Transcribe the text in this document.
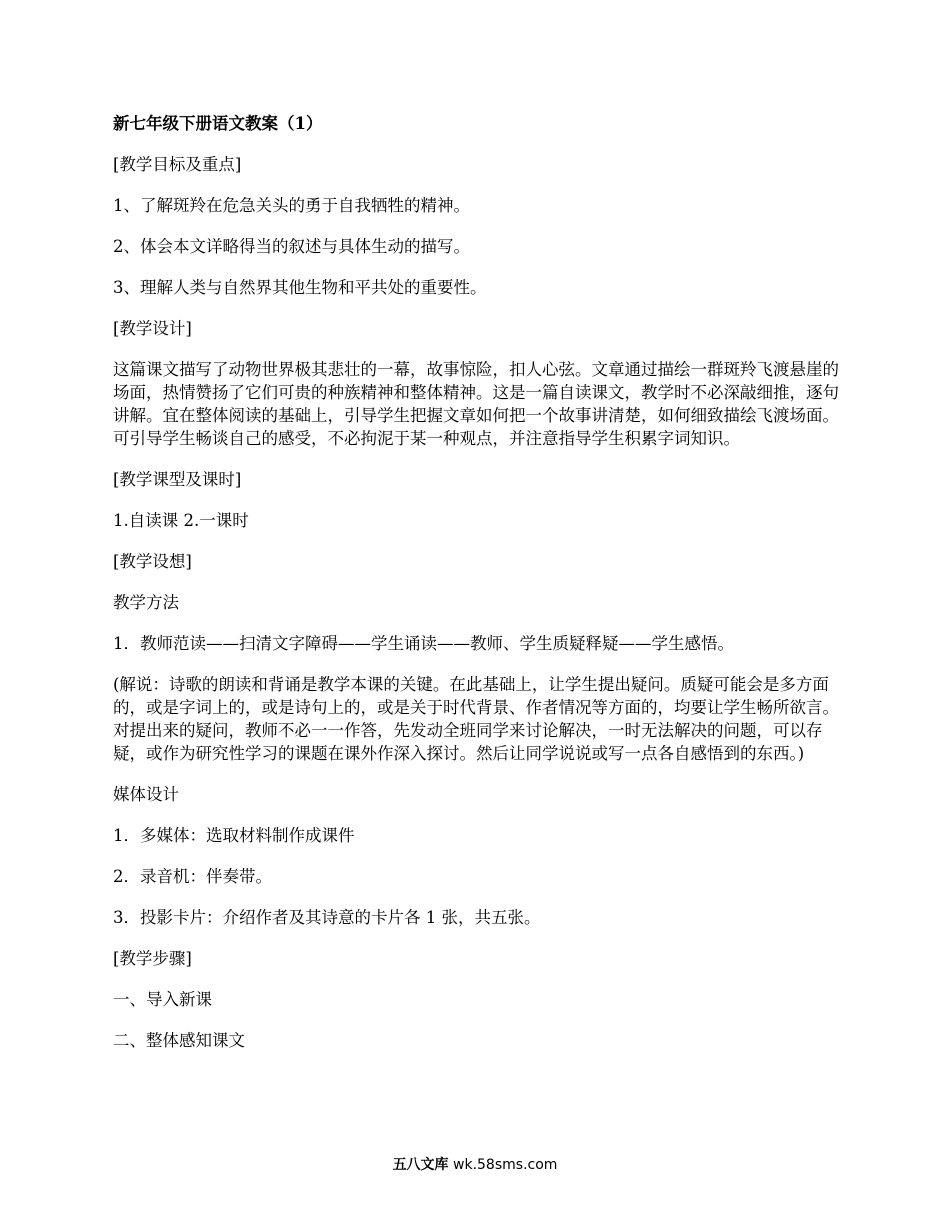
新七年级下册语文教案（1）

[教学目标及重点]

1、了解斑羚在危急关头的勇于自我牺牲的精神。

2、体会本文详略得当的叙述与具体生动的描写。

3、理解人类与自然界其他生物和平共处的重要性。

[教学设计]

这篇课文描写了动物世界极其悲壮的一幕，故事惊险，扣人心弦。文章通过描绘一群斑羚飞渡悬崖的场面，热情赞扬了它们可贵的种族精神和整体精神。这是一篇自读课文，教学时不必深敲细推，逐句讲解。宜在整体阅读的基础上，引导学生把握文章如何把一个故事讲清楚，如何细致描绘飞渡场面。可引导学生畅谈自己的感受，不必拘泥于某一种观点，并注意指导学生积累字词知识。

[教学课型及课时]

1.自读课 2.一课时

[教学设想]

教学方法

1．教师范读——扫清文字障碍——学生诵读——教师、学生质疑释疑——学生感悟。

(解说：诗歌的朗读和背诵是教学本课的关键。在此基础上，让学生提出疑问。质疑可能会是多方面的，或是字词上的，或是诗句上的，或是关于时代背景、作者情况等方面的，均要让学生畅所欲言。对提出来的疑问，教师不必一一作答，先发动全班同学来讨论解决，一时无法解决的问题，可以存疑，或作为研究性学习的课题在课外作深入探讨。然后让同学说说或写一点各自感悟到的东西。)

媒体设计

1．多媒体：选取材料制作成课件

2．录音机：伴奏带。

3．投影卡片：介绍作者及其诗意的卡片各 1 张，共五张。

[教学步骤]

一、导入新课

二、整体感知课文

五八文库 wk.58sms.com
